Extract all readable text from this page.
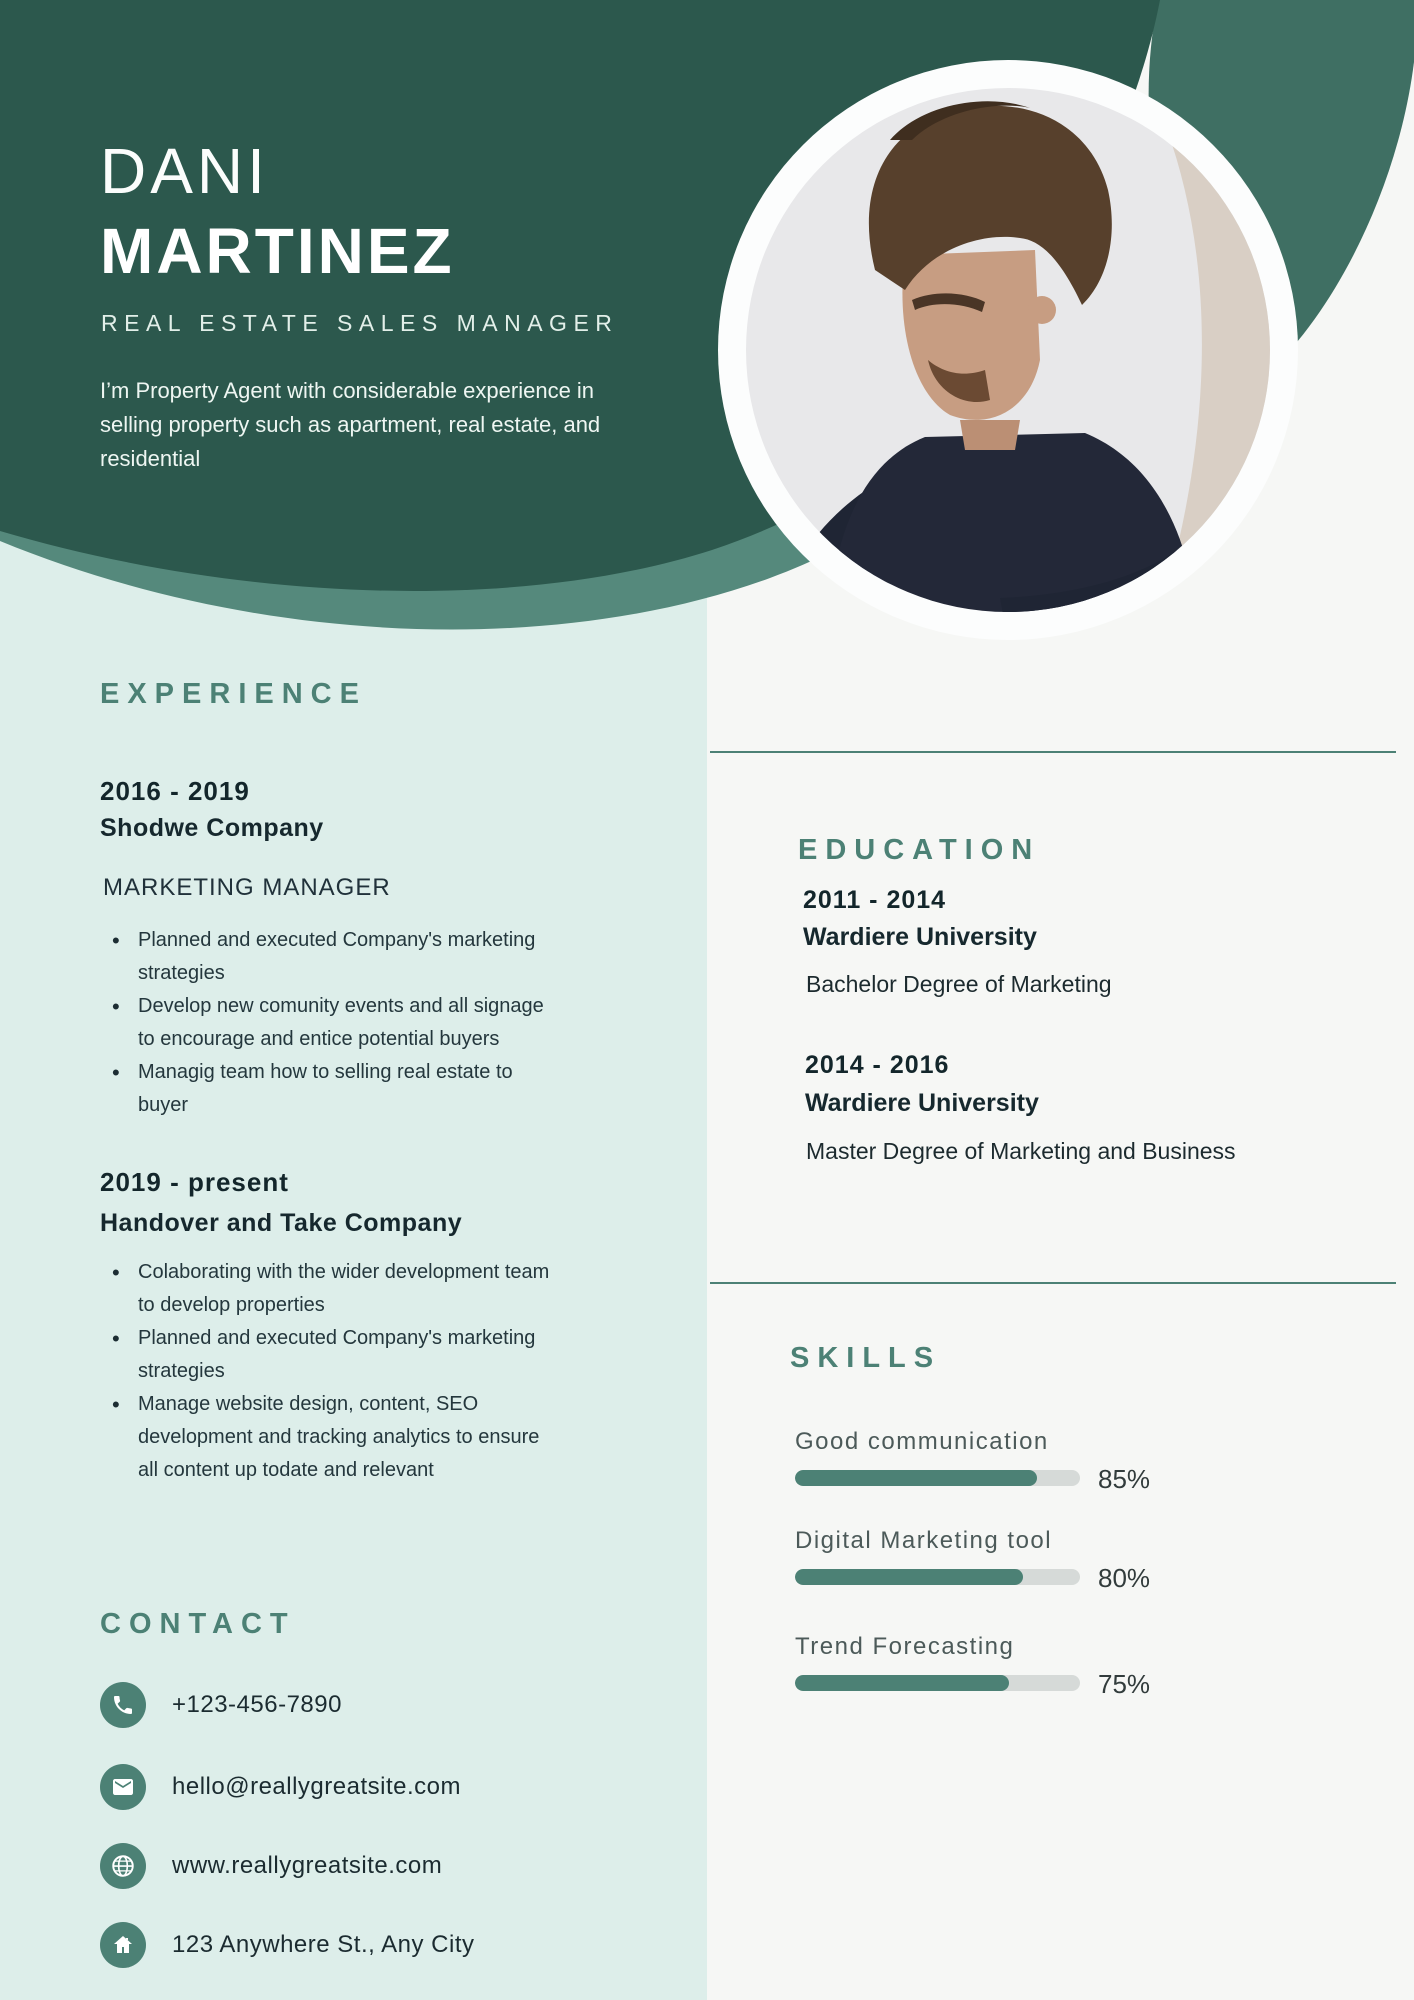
DANI
MARTINEZ
REAL ESTATE SALES MANAGER
I’m Property Agent with considerable experience in selling property such as apartment, real estate, and residential
EXPERIENCE
2016 - 2019
Shodwe Company
MARKETING MANAGER
• Planned and executed Company's marketing strategies
• Develop new comunity events and all signage to encourage and entice potential buyers
• Managig team how to selling real estate to buyer
2019 - present
Handover and Take Company
• Colaborating with the wider development team to develop properties
• Planned and executed Company's marketing strategies
• Manage website design, content, SEO development and tracking analytics to ensure all content up todate and relevant
CONTACT
+123-456-7890
hello@reallygreatsite.com
www.reallygreatsite.com
123 Anywhere St., Any City
EDUCATION
2011 - 2014
Wardiere University
Bachelor Degree of Marketing
2014 - 2016
Wardiere University
Master Degree of Marketing and Business
SKILLS
Good communication
85%
Digital Marketing tool
80%
Trend Forecasting
75%
